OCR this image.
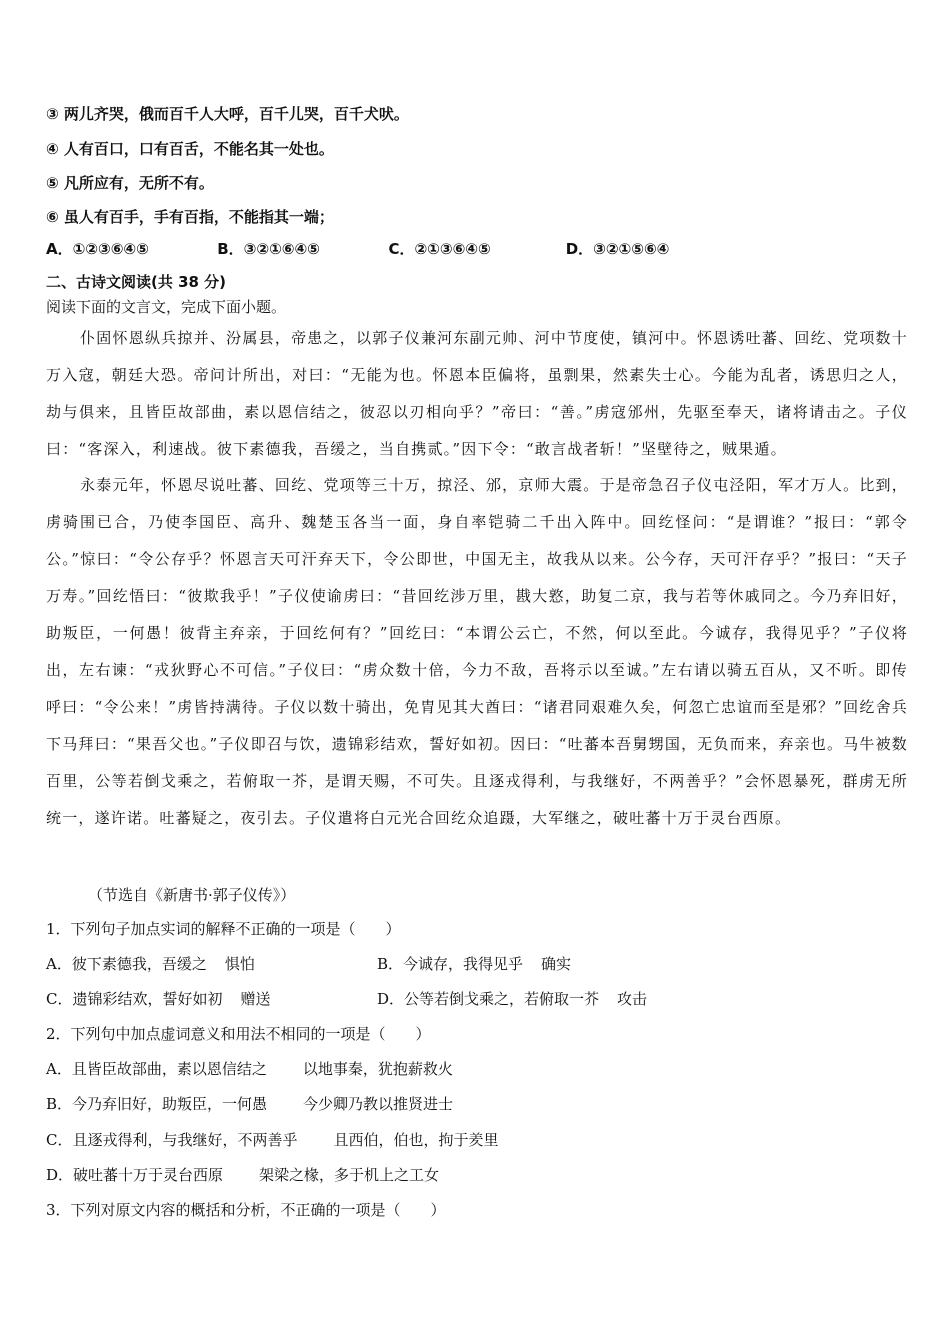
③ 两儿齐哭，俄而百千人大呼，百千儿哭，百千犬吠。
④ 人有百口，口有百舌，不能名其一处也。
⑤ 凡所应有，无所不有。
⑥ 虽人有百手，手有百指，不能指其一端；
A．①②③⑥④⑤	B．③②①⑥④⑤	C．②①③⑥④⑤	D．③②①⑤⑥④
二、古诗文阅读(共 38 分)
阅读下面的文言文，完成下面小题。
仆固怀恩纵兵掠并、汾属县，帝患之，以郭子仪兼河东副元帅、河中节度使，镇河中。怀恩诱吐蕃、回纥、党项数十万入寇，朝廷大恐。帝问计所出，对曰：“无能为也。怀恩本臣偏将，虽剽果，然素失士心。今能为乱者，诱思归之人，劫与俱来，且皆臣故部曲，素以恩信结之，彼忍以刃相向乎？”帝曰：“善。”虏寇邠州，先驱至奉天，诸将请击之。子仪曰：“客深入，利速战。彼下素德我，吾缓之，当自携贰。”因下令：“敢言战者斩！”坚壁待之，贼果遁。
永泰元年，怀恩尽说吐蕃、回纥、党项等三十万，掠泾、邠，京师大震。于是帝急召子仪屯泾阳，军才万人。比到，虏骑围已合，乃使李国臣、高升、魏楚玉各当一面，身自率铠骑二千出入阵中。回纥怪问：“是谓谁？”报曰：“郭令公。”惊曰：“令公存乎？怀恩言天可汗弃天下，令公即世，中国无主，故我从以来。公今存，天可汗存乎？”报曰：“天子万寿。”回纥悟曰：“彼欺我乎！”子仪使谕虏曰：“昔回纥涉万里，戡大憝，助复二京，我与若等休戚同之。今乃弃旧好，助叛臣，一何愚！彼背主弃亲，于回纥何有？”回纥曰：“本谓公云亡，不然，何以至此。今诚存，我得见乎？”子仪将出，左右谏：“戎狄野心不可信。”子仪曰：“虏众数十倍，今力不敌，吾将示以至诚。”左右请以骑五百从，又不听。即传呼曰：“令公来！”虏皆持满待。子仪以数十骑出，免胄见其大酋曰：“诸君同艰难久矣，何忽亡忠谊而至是邪？”回纥舍兵下马拜曰：“果吾父也。”子仪即召与饮，遗锦彩结欢，誓好如初。因曰：“吐蕃本吾舅甥国，无负而来，弃亲也。马牛被数百里，公等若倒戈乘之，若俯取一芥，是谓天赐，不可失。且逐戎得利，与我继好，不两善乎？”会怀恩暴死，群虏无所统一，遂许诺。吐蕃疑之，夜引去。子仪遣将白元光合回纥众追蹑，大军继之，破吐蕃十万于灵台西原。
（节选自《新唐书·郭子仪传》）
1．下列句子加点实词的解释不正确的一项是（　　）
A．彼下素德我，吾缓之 惧怕	B．今诚存，我得见乎 确实
C．遗锦彩结欢，誓好如初 赠送	D．公等若倒戈乘之，若俯取一芥 攻击
2．下列句中加点虚词意义和用法不相同的一项是（　　）
A．且皆臣故部曲，素以恩信结之 以地事秦，犹抱薪救火
B．今乃弃旧好，助叛臣，一何愚 今少卿乃教以推贤进士
C．且逐戎得利，与我继好，不两善乎 且西伯，伯也，拘于羑里
D．破吐蕃十万于灵台西原 架梁之椽，多于机上之工女
3．下列对原文内容的概括和分析，不正确的一项是（　　）
